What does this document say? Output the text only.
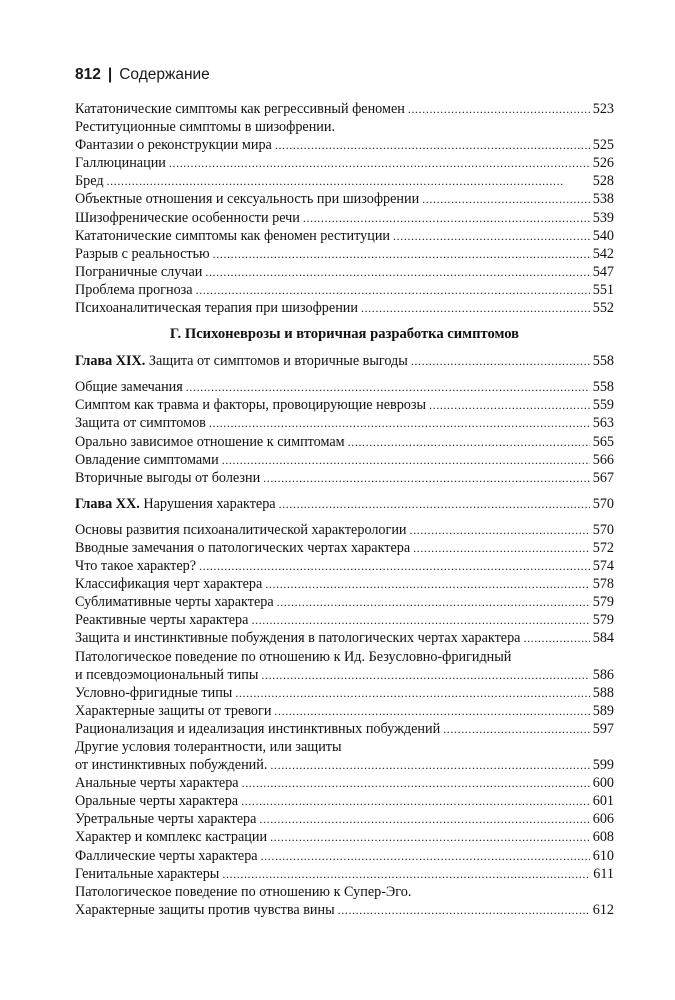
812 | Содержание
Кататонические симптомы как регрессивный феномен . . .	523
Реституционные симптомы в шизофрении.
Фантазии о реконструкции мира . . .	525
Галлюцинации . . .	526
Бред . . .	528
Объектные отношения и сексуальность при шизофрении . . .	538
Шизофренические особенности речи . . .	539
Кататонические симптомы как феномен реституции . . .	540
Разрыв с реальностью . . .	542
Пограничные случаи . . .	547
Проблема прогноза . . .	551
Психоаналитическая терапия при шизофрении . . .	552
Г. Психоневрозы и вторичная разработка симптомов
Глава XIX. Защита от симптомов и вторичные выгоды . . .	558
Общие замечания . . .	558
Симптом как травма и факторы, провоцирующие неврозы . . .	559
Защита от симптомов . . .	563
Орально зависимое отношение к симптомам . . .	565
Овладение симптомами . . .	566
Вторичные выгоды от болезни . . .	567
Глава XX. Нарушения характера . . .	570
Основы развития психоаналитической характерологии . . .	570
Вводные замечания о патологических чертах характера . . .	572
Что такое характер? . . .	574
Классификация черт характера . . .	578
Сублимативные черты характера . . .	579
Реактивные черты характера . . .	579
Защита и инстинктивные побуждения в патологических чертах характера . . .	584
Патологическое поведение по отношению к Ид. Безусловно-фригидный
и псевдоэмоциональный типы . . .	586
Условно-фригидные типы . . .	588
Характерные защиты от тревоги . . .	589
Рационализация и идеализация инстинктивных побуждений . . .	597
Другие условия толерантности, или защиты
от инстинктивных побуждений. . . .	599
Анальные черты характера . . .	600
Оральные черты характера . . .	601
Уретральные черты характера . . .	606
Характер и комплекс кастрации . . .	608
Фаллические черты характера . . .	610
Генитальные характеры . . .	611
Патологическое поведение по отношению к Супер-Эго.
Характерные защиты против чувства вины . . .	612
